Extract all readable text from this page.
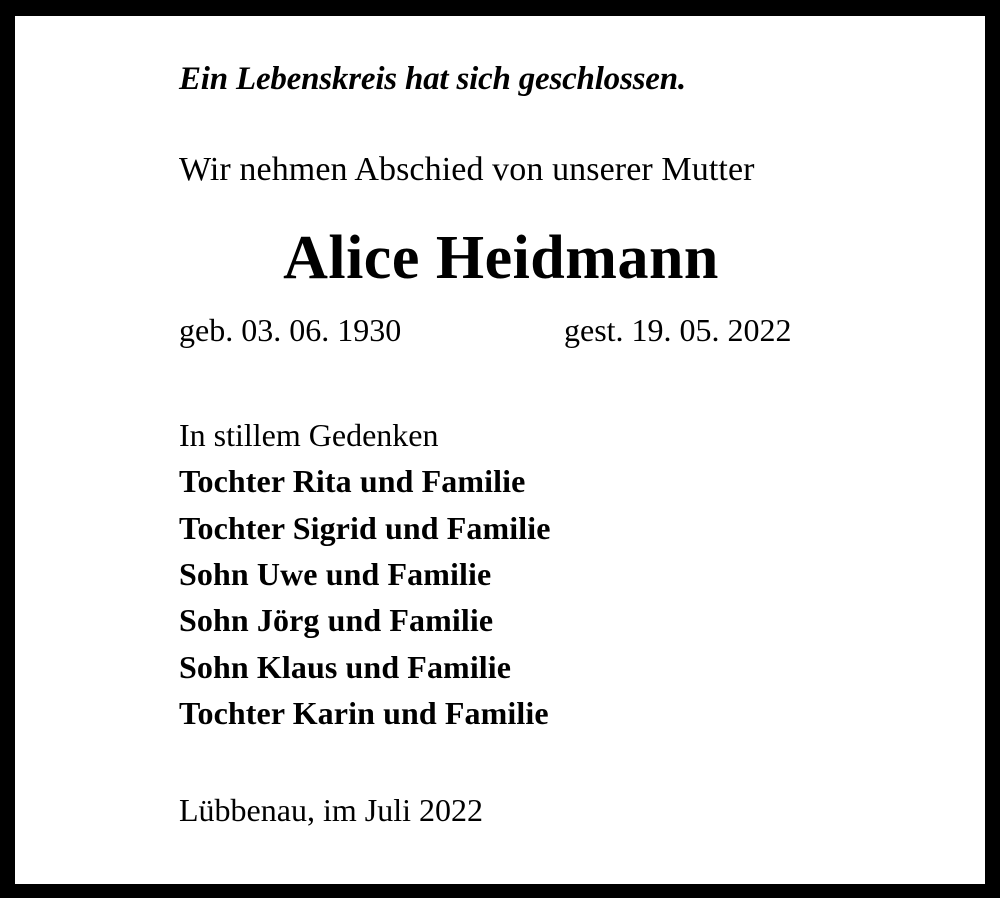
Ein Lebenskreis hat sich geschlossen.

Wir nehmen Abschied von unserer Mutter

Alice Heidmann
geb. 03. 06. 1930	gest. 19. 05. 2022

In stillem Gedenken

Tochter Rita und Familie

Tochter Sigrid und Familie

Sohn Uwe und Familie

Sohn Jörg und Familie

Sohn Klaus und Familie

Tochter Karin und Familie

Lübbenau, im Juli 2022
